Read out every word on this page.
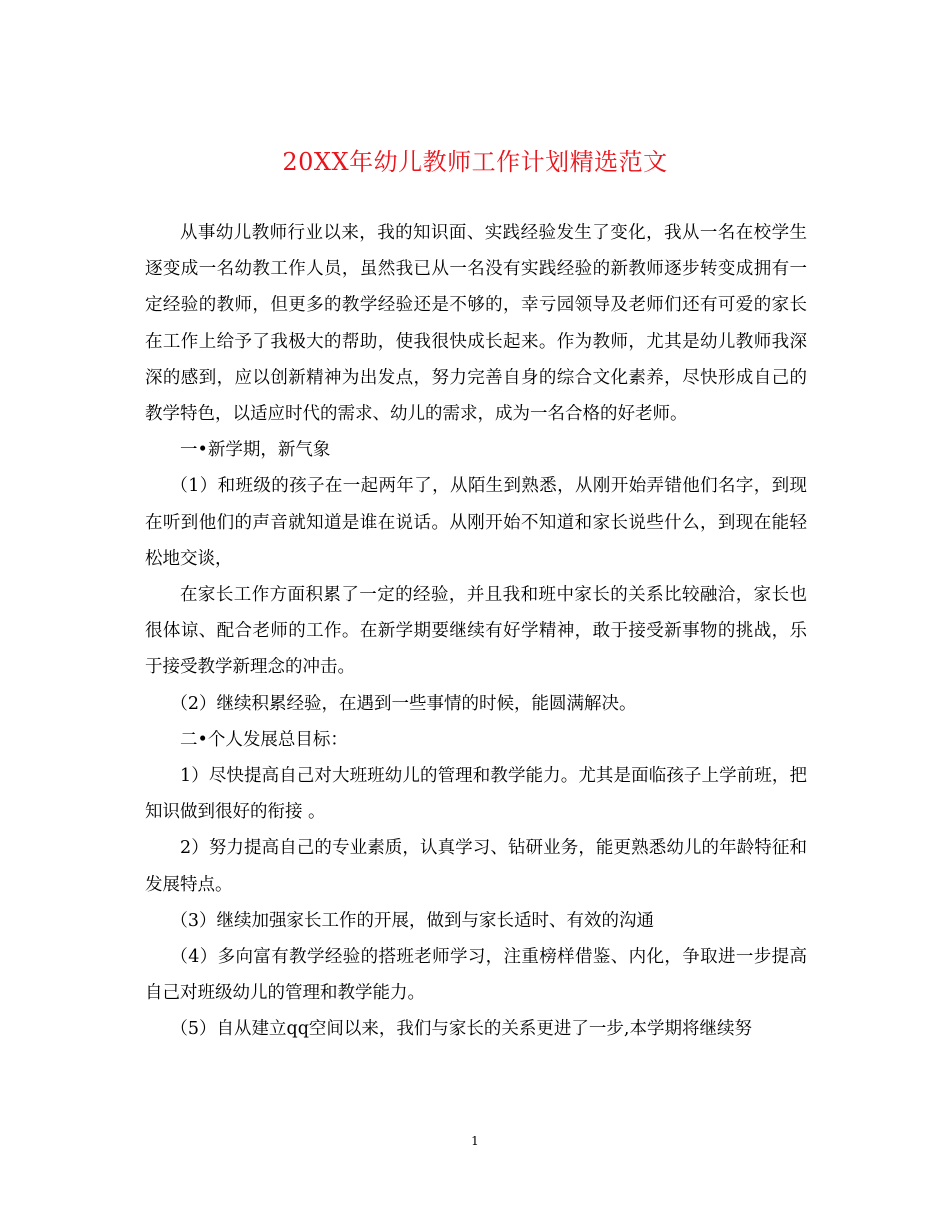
20XX年幼儿教师工作计划精选范文

从事幼儿教师行业以来，我的知识面、实践经验发生了变化，我从一名在校学生逐变成一名幼教工作人员，虽然我已从一名没有实践经验的新教师逐步转变成拥有一定经验的教师，但更多的教学经验还是不够的，幸亏园领导及老师们还有可爱的家长在工作上给予了我极大的帮助，使我很快成长起来。作为教师，尤其是幼儿教师我深深的感到，应以创新精神为出发点，努力完善自身的综合文化素养，尽快形成自己的教学特色，以适应时代的需求、幼儿的需求，成为一名合格的好老师。

一•新学期，新气象

（1）和班级的孩子在一起两年了，从陌生到熟悉，从刚开始弄错他们名字，到现在听到他们的声音就知道是谁在说话。从刚开始不知道和家长说些什么，到现在能轻松地交谈，

在家长工作方面积累了一定的经验，并且我和班中家长的关系比较融洽，家长也很体谅、配合老师的工作。在新学期要继续有好学精神，敢于接受新事物的挑战，乐于接受教学新理念的冲击。

（2）继续积累经验，在遇到一些事情的时候，能圆满解决。

二•个人发展总目标：

1）尽快提高自己对大班班幼儿的管理和教学能力。尤其是面临孩子上学前班，把知识做到很好的衔接 。

2）努力提高自己的专业素质，认真学习、钻研业务，能更熟悉幼儿的年龄特征和发展特点。

（3）继续加强家长工作的开展，做到与家长适时、有效的沟通

（4）多向富有教学经验的搭班老师学习，注重榜样借鉴、内化，争取进一步提高自己对班级幼儿的管理和教学能力。

（5）自从建立qq空间以来，我们与家长的关系更进了一步,本学期将继续努

1
